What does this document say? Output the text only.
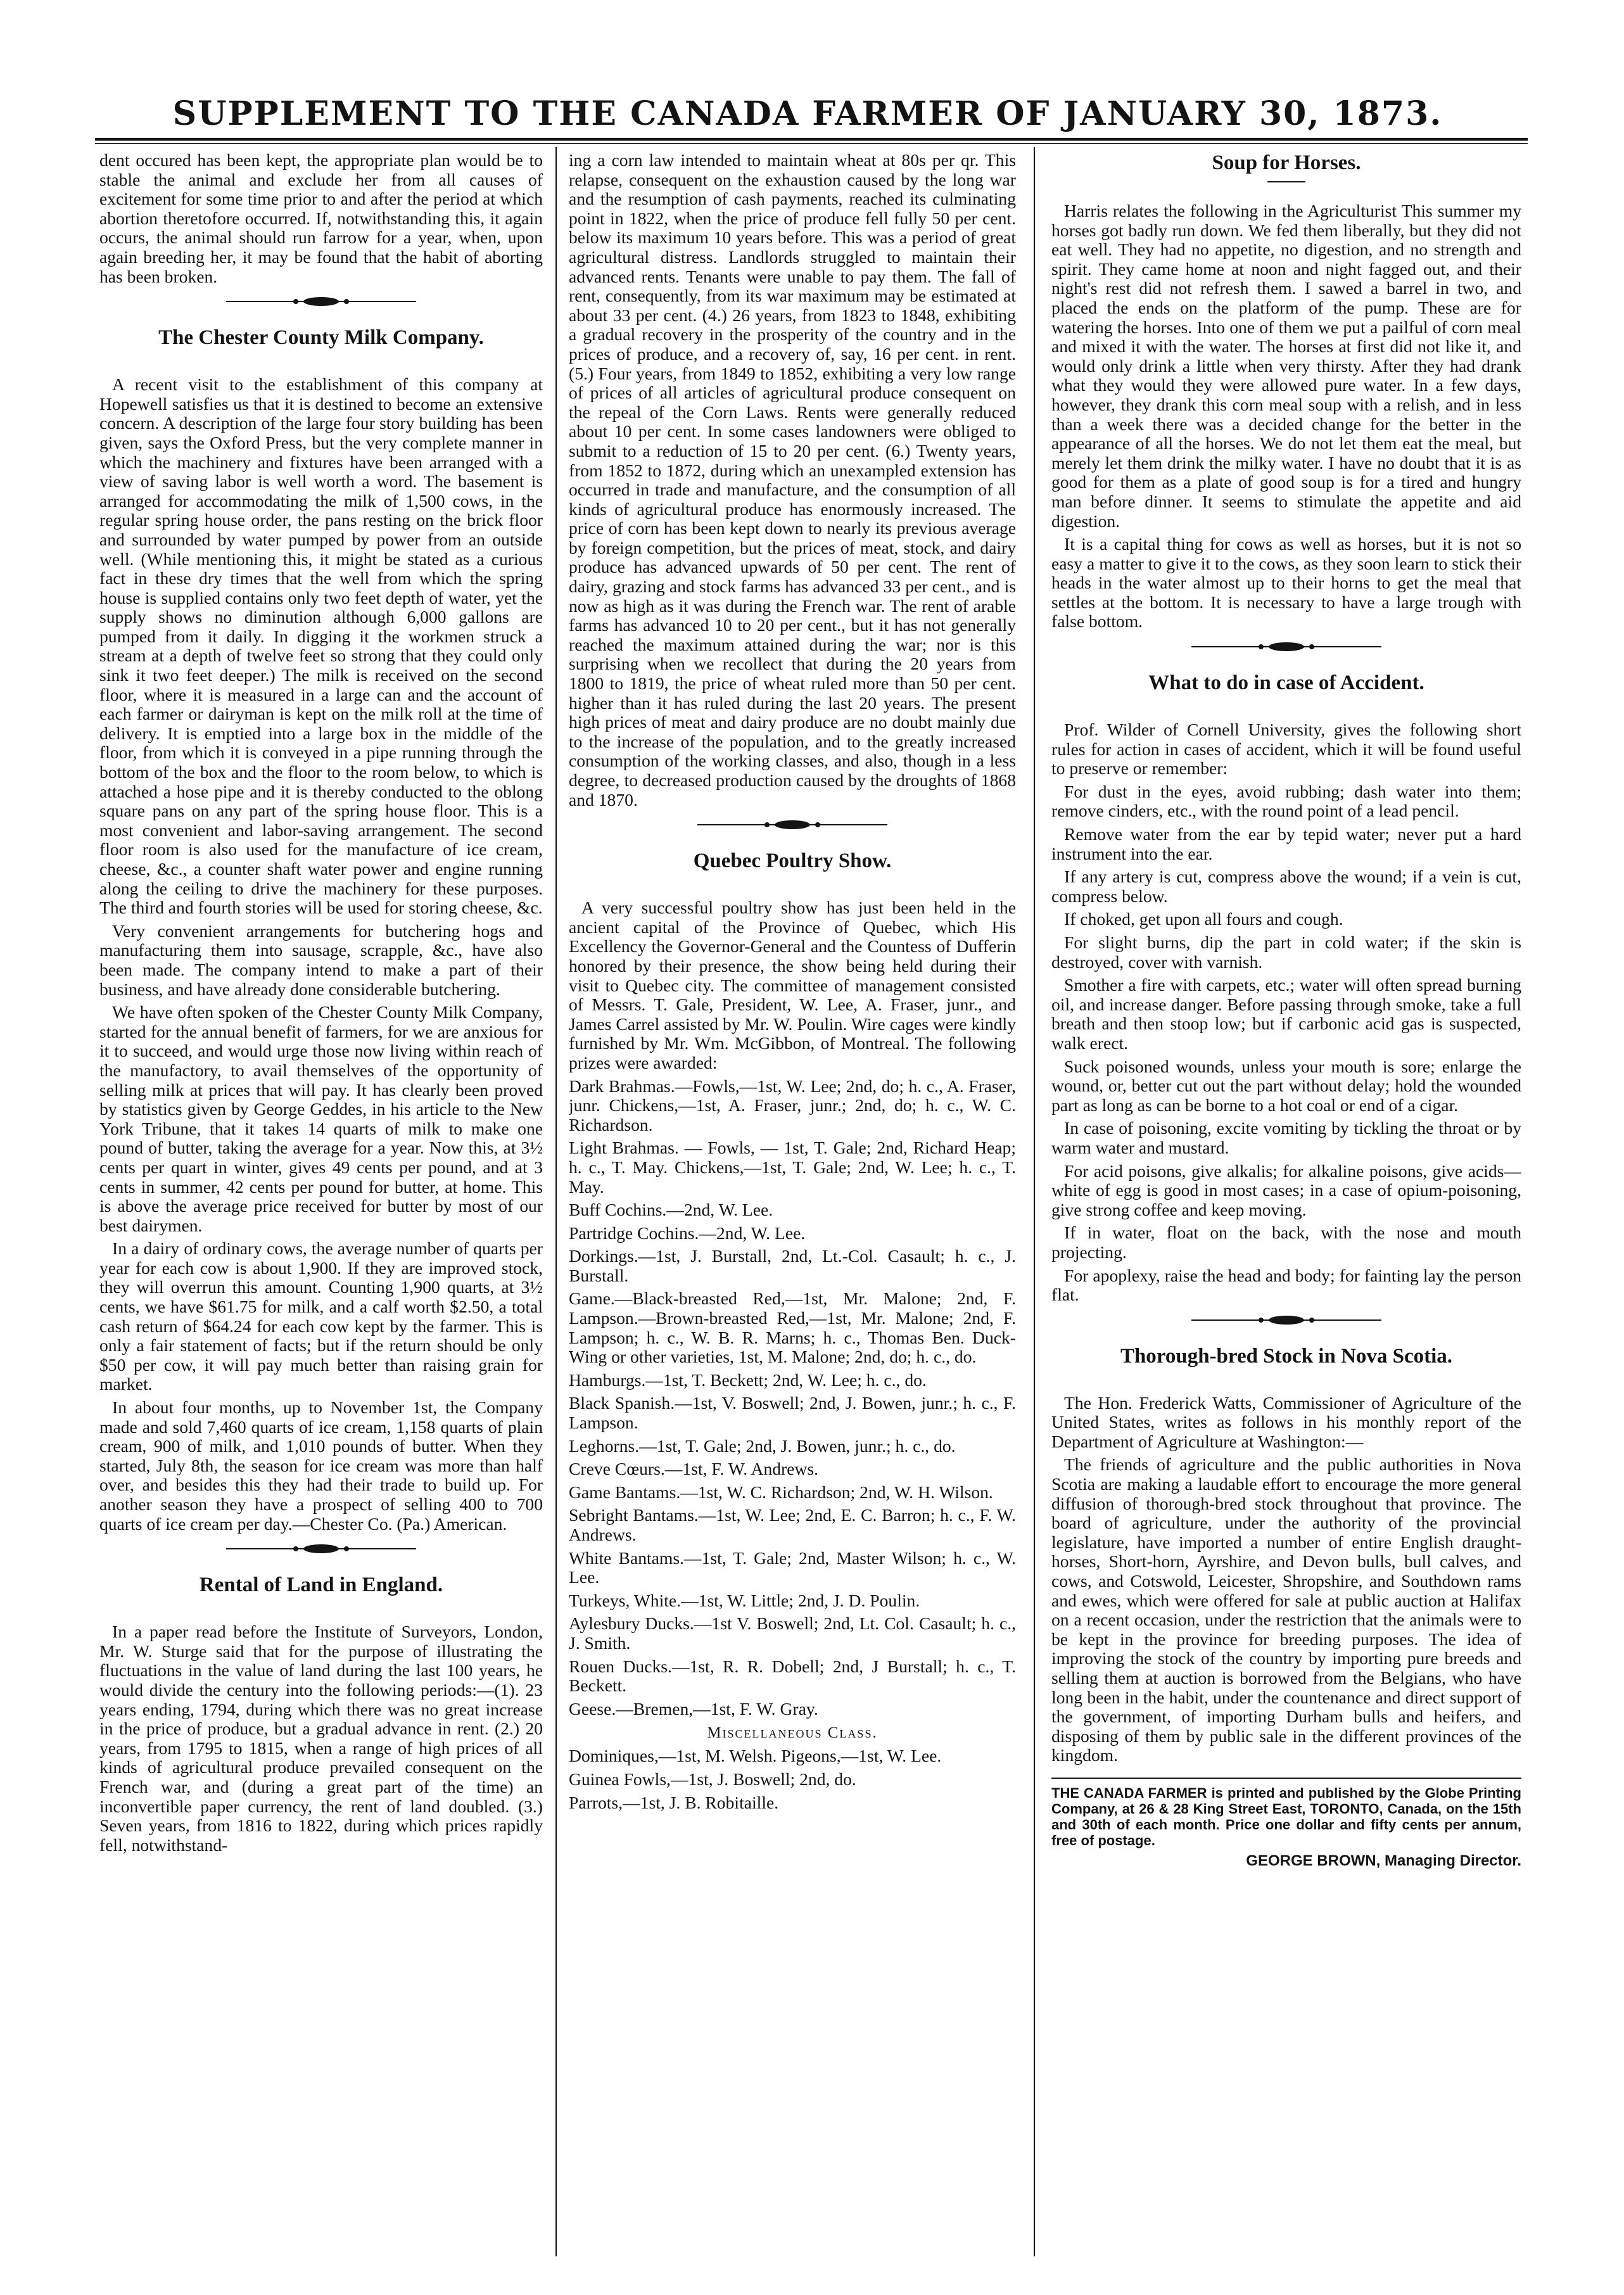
SUPPLEMENT TO THE CANADA FARMER OF JANUARY 30, 1873.

dent occured has been kept, the appropriate plan would be to stable the animal and exclude her from all causes of excitement for some time prior to and after the period at which abortion theretofore occurred. If, notwithstanding this, it again occurs, the animal should run farrow for a year, when, upon again breeding her, it may be found that the habit of aborting has been broken.

The Chester County Milk Company.

A recent visit to the establishment of this company at Hopewell satisfies us that it is destined to become an extensive concern. A description of the large four story building has been given, says the Oxford Press, but the very complete manner in which the machinery and fixtures have been arranged with a view of saving labor is well worth a word. The basement is arranged for accommodating the milk of 1,500 cows, in the regular spring house order, the pans resting on the brick floor and surrounded by water pumped by power from an outside well. (While mentioning this, it might be stated as a curious fact in these dry times that the well from which the spring house is supplied contains only two feet depth of water, yet the supply shows no diminution although 6,000 gallons are pumped from it daily. In digging it the workmen struck a stream at a depth of twelve feet so strong that they could only sink it two feet deeper.) The milk is received on the second floor, where it is measured in a large can and the account of each farmer or dairyman is kept on the milk roll at the time of delivery. It is emptied into a large box in the middle of the floor, from which it is conveyed in a pipe running through the bottom of the box and the floor to the room below, to which is attached a hose pipe and it is thereby conducted to the oblong square pans on any part of the spring house floor. This is a most convenient and labor-saving arrangement. The second floor room is also used for the manufacture of ice cream, cheese, &c., a counter shaft water power and engine running along the ceiling to drive the machinery for these purposes. The third and fourth stories will be used for storing cheese, &c.

Very convenient arrangements for butchering hogs and manufacturing them into sausage, scrapple, &c., have also been made. The company intend to make a part of their business, and have already done considerable butchering.

We have often spoken of the Chester County Milk Company, started for the annual benefit of farmers, for we are anxious for it to succeed, and would urge those now living within reach of the manufactory, to avail themselves of the opportunity of selling milk at prices that will pay. It has clearly been proved by statistics given by George Geddes, in his article to the New York Tribune, that it takes 14 quarts of milk to make one pound of butter, taking the average for a year. Now this, at 3½ cents per quart in winter, gives 49 cents per pound, and at 3 cents in summer, 42 cents per pound for butter, at home. This is above the average price received for butter by most of our best dairymen.

In a dairy of ordinary cows, the average number of quarts per year for each cow is about 1,900. If they are improved stock, they will overrun this amount. Counting 1,900 quarts, at 3½ cents, we have $61.75 for milk, and a calf worth $2.50, a total cash return of $64.24 for each cow kept by the farmer. This is only a fair statement of facts; but if the return should be only $50 per cow, it will pay much better than raising grain for market.

In about four months, up to November 1st, the Company made and sold 7,460 quarts of ice cream, 1,158 quarts of plain cream, 900 of milk, and 1,010 pounds of butter. When they started, July 8th, the season for ice cream was more than half over, and besides this they had their trade to build up. For another season they have a prospect of selling 400 to 700 quarts of ice cream per day.—Chester Co. (Pa.) American.

Rental of Land in England.

In a paper read before the Institute of Surveyors, London, Mr. W. Sturge said that for the purpose of illustrating the fluctuations in the value of land during the last 100 years, he would divide the century into the following periods:—(1). 23 years ending, 1794, during which there was no great increase in the price of produce, but a gradual advance in rent. (2.) 20 years, from 1795 to 1815, when a range of high prices of all kinds of agricultural produce prevailed consequent on the French war, and (during a great part of the time) an inconvertible paper currency, the rent of land doubled. (3.) Seven years, from 1816 to 1822, during which prices rapidly fell, notwithstand-

ing a corn law intended to maintain wheat at 80s per qr. This relapse, consequent on the exhaustion caused by the long war and the resumption of cash payments, reached its culminating point in 1822, when the price of produce fell fully 50 per cent. below its maximum 10 years before. This was a period of great agricultural distress. Landlords struggled to maintain their advanced rents. Tenants were unable to pay them. The fall of rent, consequently, from its war maximum may be estimated at about 33 per cent. (4.) 26 years, from 1823 to 1848, exhibiting a gradual recovery in the prosperity of the country and in the prices of produce, and a recovery of, say, 16 per cent. in rent. (5.) Four years, from 1849 to 1852, exhibiting a very low range of prices of all articles of agricultural produce consequent on the repeal of the Corn Laws. Rents were generally reduced about 10 per cent. In some cases landowners were obliged to submit to a reduction of 15 to 20 per cent. (6.) Twenty years, from 1852 to 1872, during which an unexampled extension has occurred in trade and manufacture, and the consumption of all kinds of agricultural produce has enormously increased. The price of corn has been kept down to nearly its previous average by foreign competition, but the prices of meat, stock, and dairy produce has advanced upwards of 50 per cent. The rent of dairy, grazing and stock farms has advanced 33 per cent., and is now as high as it was during the French war. The rent of arable farms has advanced 10 to 20 per cent., but it has not generally reached the maximum attained during the war; nor is this surprising when we recollect that during the 20 years from 1800 to 1819, the price of wheat ruled more than 50 per cent. higher than it has ruled during the last 20 years. The present high prices of meat and dairy produce are no doubt mainly due to the increase of the population, and to the greatly increased consumption of the working classes, and also, though in a less degree, to decreased production caused by the droughts of 1868 and 1870.

Quebec Poultry Show.

A very successful poultry show has just been held in the ancient capital of the Province of Quebec, which His Excellency the Governor-General and the Countess of Dufferin honored by their presence, the show being held during their visit to Quebec city. The committee of management consisted of Messrs. T. Gale, President, W. Lee, A. Fraser, junr., and James Carrel assisted by Mr. W. Poulin. Wire cages were kindly furnished by Mr. Wm. McGibbon, of Montreal. The following prizes were awarded:

Dark Brahmas.—Fowls,—1st, W. Lee; 2nd, do; h. c., A. Fraser, junr. Chickens,—1st, A. Fraser, junr.; 2nd, do; h. c., W. C. Richardson.

Light Brahmas. — Fowls, — 1st, T. Gale; 2nd, Richard Heap; h. c., T. May. Chickens,—1st, T. Gale; 2nd, W. Lee; h. c., T. May.

Buff Cochins.—2nd, W. Lee.

Partridge Cochins.—2nd, W. Lee.

Dorkings.—1st, J. Burstall, 2nd, Lt.-Col. Casault; h. c., J. Burstall.

Game.—Black-breasted Red,—1st, Mr. Malone; 2nd, F. Lampson.—Brown-breasted Red,—1st, Mr. Malone; 2nd, F. Lampson; h. c., W. B. R. Marns; h. c., Thomas Ben. Duck-Wing or other varieties, 1st, M. Malone; 2nd, do; h. c., do.

Hamburgs.—1st, T. Beckett; 2nd, W. Lee; h. c., do.

Black Spanish.—1st, V. Boswell; 2nd, J. Bowen, junr.; h. c., F. Lampson.

Leghorns.—1st, T. Gale; 2nd, J. Bowen, junr.; h. c., do.

Creve Cœurs.—1st, F. W. Andrews.

Game Bantams.—1st, W. C. Richardson; 2nd, W. H. Wilson.

Sebright Bantams.—1st, W. Lee; 2nd, E. C. Barron; h. c., F. W. Andrews.

White Bantams.—1st, T. Gale; 2nd, Master Wilson; h. c., W. Lee.

Turkeys, White.—1st, W. Little; 2nd, J. D. Poulin.

Aylesbury Ducks.—1st V. Boswell; 2nd, Lt. Col. Casault; h. c., J. Smith.

Rouen Ducks.—1st, R. R. Dobell; 2nd, J Burstall; h. c., T. Beckett.

Geese.—Bremen,—1st, F. W. Gray.

Miscellaneous Class.

Dominiques,—1st, M. Welsh. Pigeons,—1st, W. Lee.

Guinea Fowls,—1st, J. Boswell; 2nd, do.

Parrots,—1st, J. B. Robitaille.

Soup for Horses.

Harris relates the following in the Agriculturist This summer my horses got badly run down. We fed them liberally, but they did not eat well. They had no appetite, no digestion, and no strength and spirit. They came home at noon and night fagged out, and their night's rest did not refresh them. I sawed a barrel in two, and placed the ends on the platform of the pump. These are for watering the horses. Into one of them we put a pailful of corn meal and mixed it with the water. The horses at first did not like it, and would only drink a little when very thirsty. After they had drank what they would they were allowed pure water. In a few days, however, they drank this corn meal soup with a relish, and in less than a week there was a decided change for the better in the appearance of all the horses. We do not let them eat the meal, but merely let them drink the milky water. I have no doubt that it is as good for them as a plate of good soup is for a tired and hungry man before dinner. It seems to stimulate the appetite and aid digestion.

It is a capital thing for cows as well as horses, but it is not so easy a matter to give it to the cows, as they soon learn to stick their heads in the water almost up to their horns to get the meal that settles at the bottom. It is necessary to have a large trough with false bottom.

What to do in case of Accident.

Prof. Wilder of Cornell University, gives the following short rules for action in cases of accident, which it will be found useful to preserve or remember:

For dust in the eyes, avoid rubbing; dash water into them; remove cinders, etc., with the round point of a lead pencil.

Remove water from the ear by tepid water; never put a hard instrument into the ear.

If any artery is cut, compress above the wound; if a vein is cut, compress below.

If choked, get upon all fours and cough.

For slight burns, dip the part in cold water; if the skin is destroyed, cover with varnish.

Smother a fire with carpets, etc.; water will often spread burning oil, and increase danger. Before passing through smoke, take a full breath and then stoop low; but if carbonic acid gas is suspected, walk erect.

Suck poisoned wounds, unless your mouth is sore; enlarge the wound, or, better cut out the part without delay; hold the wounded part as long as can be borne to a hot coal or end of a cigar.

In case of poisoning, excite vomiting by tickling the throat or by warm water and mustard.

For acid poisons, give alkalis; for alkaline poisons, give acids—white of egg is good in most cases; in a case of opium-poisoning, give strong coffee and keep moving.

If in water, float on the back, with the nose and mouth projecting.

For apoplexy, raise the head and body; for fainting lay the person flat.

Thorough-bred Stock in Nova Scotia.

The Hon. Frederick Watts, Commissioner of Agriculture of the United States, writes as follows in his monthly report of the Department of Agriculture at Washington:—

The friends of agriculture and the public authorities in Nova Scotia are making a laudable effort to encourage the more general diffusion of thorough-bred stock throughout that province. The board of agriculture, under the authority of the provincial legislature, have imported a number of entire English draught-horses, Short-horn, Ayrshire, and Devon bulls, bull calves, and cows, and Cotswold, Leicester, Shropshire, and Southdown rams and ewes, which were offered for sale at public auction at Halifax on a recent occasion, under the restriction that the animals were to be kept in the province for breeding purposes. The idea of improving the stock of the country by importing pure breeds and selling them at auction is borrowed from the Belgians, who have long been in the habit, under the countenance and direct support of the government, of importing Durham bulls and heifers, and disposing of them by public sale in the different provinces of the kingdom.

THE CANADA FARMER is printed and published by the Globe Printing Company, at 26 & 28 King Street East, TORONTO, Canada, on the 15th and 30th of each month. Price one dollar and fifty cents per annum, free of postage.

GEORGE BROWN, Managing Director.
